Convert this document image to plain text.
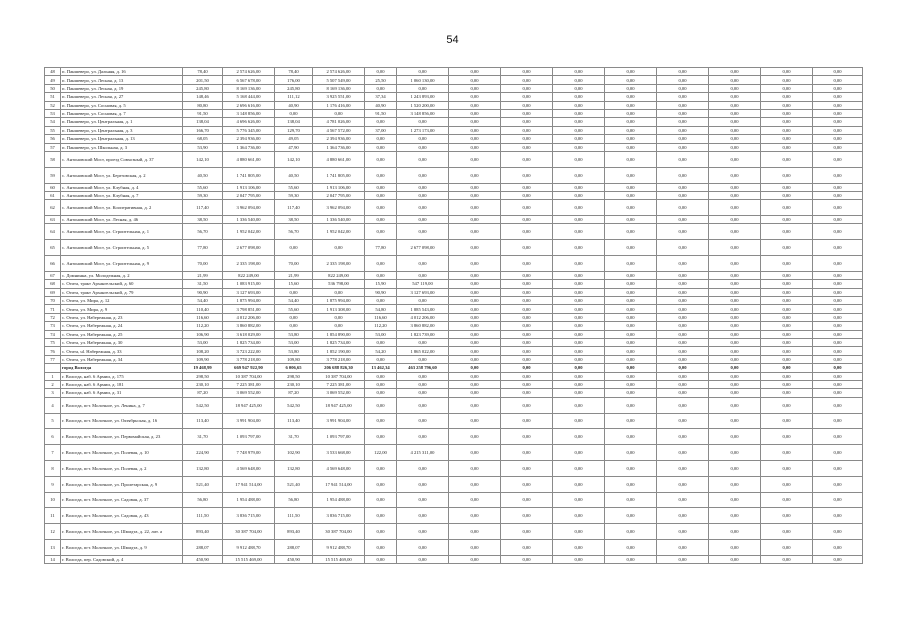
54
48	п. Паншеверо, ул. Дальняя, д. 16	78,40	2 574 626,00	78,40	2 574 626,00	0,00	0,00	0,00	0,00	0,00	0,00	0,00	0,00	0,00	0,00
49	п. Паншеверо, ул. Лесная, д. 13	201,50	6 567 678,00	176,00	5 507 549,00	25,50	1 060 130,00	0,00	0,00	0,00	0,00	0,00	0,00	0,00	0,00
50	п. Паншеверо, ул. Лесная, д. 19	245,80	8 169 136,00	245,80	8 169 136,00	0,00	0,00	0,00	0,00	0,00	0,00	0,00	0,00	0,00	0,00
51	п. Паншеверо, ул. Лесная, д. 27	148,46	5 168 444,00	111,12	3 925 551,00	37,34	1 243 893,00	0,00	0,00	0,00	0,00	0,00	0,00	0,00	0,00
52	п. Паншеверо, ул. Сосновая, д. 5	80,80	2 696 616,00	40,90	1 176 416,00	40,90	1 520 200,00	0,00	0,00	0,00	0,00	0,00	0,00	0,00	0,00
53	п. Паншеверо, ул. Сосновая, д. 7	91,50	3 148 856,00	0,00	0,00	91,50	3 148 856,00	0,00	0,00	0,00	0,00	0,00	0,00	0,00	0,00
54	п. Паншеверо, ул. Центральная, д. 1	138,04	4 696 626,00	138,04	4 781 026,00	0,00	0,00	0,00	0,00	0,00	0,00	0,00	0,00	0,00	0,00
55	п. Паншеверо, ул. Центральная, д. 3	166,70	5 776 345,00	129,70	4 567 572,00	37,00	1 273 173,00	0,00	0,00	0,00	0,00	0,00	0,00	0,00	0,00
56	п. Паншеверо, ул. Центральная, д. 13	68,05	2 394 936,00	49,05	2 394 936,00	0,00	0,00	0,00	0,00	0,00	0,00	0,00	0,00	0,00	0,00
57	п. Паншеверо, ул. Школьная, д. 3	53,90	1 364 736,00	47,90	1 364 736,00	0,00	0,00	0,00	0,00	0,00	0,00	0,00	0,00	0,00	0,00
58	с. Антоновский Мост, проезд Совхозный, д. 37	142,10	4 880 661,00	142,10	4 880 661,00	0,00	0,00	0,00	0,00	0,00	0,00	0,00	0,00	0,00	0,00
59	с. Антоновский Мост, ул. Березовская, д. 2	40,50	1 741 805,00	40,50	1 741 805,00	0,00	0,00	0,00	0,00	0,00	0,00	0,00	0,00	0,00	0,00
60	с. Антоновский Мост, ул. Клубная, д. 4	55,60	1 913 106,00	55,60	1 913 106,00	0,00	0,00	0,00	0,00	0,00	0,00	0,00	0,00	0,00	0,00
61	с. Антоновский Мост, ул. Клубная, д. 7	59,30	2 047 795,00	59,30	2 047 795,00	0,00	0,00	0,00	0,00	0,00	0,00	0,00	0,00	0,00	0,00
62	с. Антоновский Мост, ул. Кооперативная, д. 2	117,40	3 962 094,00	117,40	3 962 094,00	0,00	0,00	0,00	0,00	0,00	0,00	0,00	0,00	0,00	0,00
63	с. Антоновский Мост, ул. Лесная, д. 46	38,50	1 336 540,00	38,50	1 336 540,00	0,00	0,00	0,00	0,00	0,00	0,00	0,00	0,00	0,00	0,00
64	с. Антоновский Мост, ул. Строительная, д. 1	56,70	1 952 042,00	56,70	1 952 042,00	0,00	0,00	0,00	0,00	0,00	0,00	0,00	0,00	0,00	0,00
65	с. Антоновский Мост, ул. Строительная, д. 5	77,80	2 677 098,00	0,00	0,00	77,80	2 677 098,00	0,00	0,00	0,00	0,00	0,00	0,00	0,00	0,00
66	с. Антоновский Мост, ул. Строительная, д. 9	70,00	2 335 198,00	70,00	2 335 198,00	0,00	0,00	0,00	0,00	0,00	0,00	0,00	0,00	0,00	0,00
67	с. Домнинна, ул. Молодежная, д. 2	21,99	822 249,00	21,99	822 249,00	0,00	0,00	0,00	0,00	0,00	0,00	0,00	0,00	0,00	0,00
68	с. Огита, тракт Архангельский, д. 60	31,50	1 083 915,00	15,60	536 798,00	15,90	547 119,00	0,00	0,00	0,00	0,00	0,00	0,00	0,00	0,00
69	с. Огита, тракт Архангельский, д. 79	90,90	3 127 693,00	0,00	0,00	90,90	3 127 693,00	0,00	0,00	0,00	0,00	0,00	0,00	0,00	0,00
70	с. Огита, ул. Мира, д. 12	54,40	1 875 994,00	54,40	1 875 994,00	0,00	0,00	0,00	0,00	0,00	0,00	0,00	0,00	0,00	0,00
71	с. Огита, ул. Мира, д. 9	110,40	3 798 851,00	55,60	1 913 308,00	54,80	1 885 543,00	0,00	0,00	0,00	0,00	0,00	0,00	0,00	0,00
72	с. Огита, ул. Набережная, д. 23	116,60	4 012 206,00	0,00	0,00	116,60	4 012 206,00	0,00	0,00	0,00	0,00	0,00	0,00	0,00	0,00
73	с. Огита, ул. Набережная, д. 24	112,20	3 860 882,00	0,00	0,00	112,20	3 860 882,00	0,00	0,00	0,00	0,00	0,00	0,00	0,00	0,00
74	с. Огита, ул. Набережная, д. 25	106,90	3 618 029,00	53,80	1 854 890,00	53,00	1 823 739,00	0,00	0,00	0,00	0,00	0,00	0,00	0,00	0,00
75	с. Огита, ул. Набережная, д. 30	53,00	1 825 734,00	53,00	1 825 734,00	0,00	0,00	0,00	0,00	0,00	0,00	0,00	0,00	0,00	0,00
76	с. Огита, ul. Набережная, д. 33	108,20	3 723 222,00	53,80	1 852 190,00	54,20	1 865 022,00	0,00	0,00	0,00	0,00	0,00	0,00	0,00	0,00
77	с. Огита, ул. Набережная, д. 34	109,90	3 778 218,00	109,80	3 778 218,00	0,00	0,00	0,00	0,00	0,00	0,00	0,00	0,00	0,00	0,00
	город Вологда	19 468,99	669 947 922,90	6 006,65	206 688 826,30	13 462,34	463 258 796,60	0,00	0,00	0,00	0,00	0,00	0,00	0,00	0,00
1	г. Вологда, наб. 6 Армии, д. 175	298,50	10 387 704,00	298,50	10 387 704,00	0,00	0,00	0,00	0,00	0,00	0,00	0,00	0,00	0,00	0,00
2	г. Вологда, наб. 6 Армии, д. 181	230,10	7 225 381,00	230,10	7 225 381,00	0,00	0,00	0,00	0,00	0,00	0,00	0,00	0,00	0,00	0,00
3	г. Вологда, наб. 6 Армии, д. 31	87,20	3 069 552,00	87,20	3 069 552,00	0,00	0,00	0,00	0,00	0,00	0,00	0,00	0,00	0,00	0,00
4	г. Вологда, пгт. Молочное, ул. Ленина, д. 7	542,50	18 947 425,00	542,50	18 947 425,00	0,00	0,00	0,00	0,00	0,00	0,00	0,00	0,00	0,00	0,00
5	г. Вологда, пгт. Молочное, ул. Октябрьская, д. 16	113,40	3 991 904,00	113,40	3 991 904,00	0,00	0,00	0,00	0,00	0,00	0,00	0,00	0,00	0,00	0,00
6	г. Вологда, пгт. Молочное, ул. Первомайская, д. 23	31,70	1 093 797,00	31,70	1 093 797,00	0,00	0,00	0,00	0,00	0,00	0,00	0,00	0,00	0,00	0,00
7	г. Вологда, пгт. Молочное, ул. Полевая, д. 10	224,90	7 748 979,00	102,90	3 533 668,00	122,00	4 215 311,00	0,00	0,00	0,00	0,00	0,00	0,00	0,00	0,00
8	г. Вологда, пгт. Молочное, ул. Полевая, д. 2	132,80	4 569 648,00	132,80	4 569 648,00	0,00	0,00	0,00	0,00	0,00	0,00	0,00	0,00	0,00	0,00
9	г. Вологда, пгт. Молочное, ул. Пролетарская, д. 9	521,40	17 941 514,00	521,40	17 941 514,00	0,00	0,00	0,00	0,00	0,00	0,00	0,00	0,00	0,00	0,00
10	г. Вологда, пгт. Молочное, ул. Садовая, д. 37	56,80	1 954 488,00	56,80	1 954 488,00	0,00	0,00	0,00	0,00	0,00	0,00	0,00	0,00	0,00	0,00
11	г. Вологда, пгт. Молочное, ул. Садовая, д. 43	111,50	3 836 715,00	111,50	3 836 715,00	0,00	0,00	0,00	0,00	0,00	0,00	0,00	0,00	0,00	0,00
12	г. Вологда, пгт. Молочное, ул. Шмидта, д. 22, лит. а	893,40	30 387 704,00	893,40	30 387 704,00	0,00	0,00	0,00	0,00	0,00	0,00	0,00	0,00	0,00	0,00
13	г. Вологда, пгт. Молочное, ул. Шмидта, д. 9	288,07	9 912 488,70	288,07	9 912 488,70	0,00	0,00	0,00	0,00	0,00	0,00	0,00	0,00	0,00	0,00
14	г. Вологда, пер. Садовский, д. 4	450,90	15 515 469,00	450,90	15 515 469,00	0,00	0,00	0,00	0,00	0,00	0,00	0,00	0,00	0,00	0,00
